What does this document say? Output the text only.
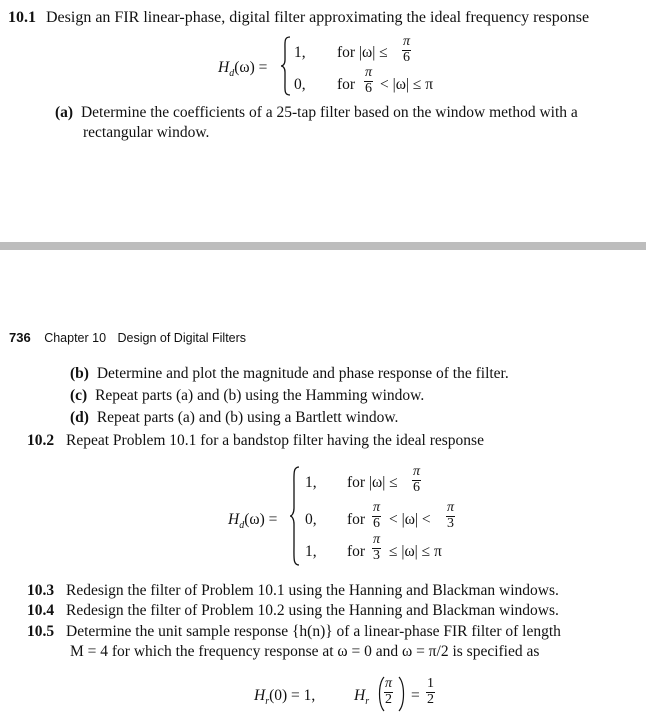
10.1 Design an FIR linear-phase, digital filter approximating the ideal frequency response
$H_d(\omega)$ =
1, for |ω| ≤
π
6
0, for
π
6 < |ω| ≤ π
(a) Determine the coefficients of a 25-tap filter based on the window method with a
rectangular window.
736 Chapter 10 Design of Digital Filters
(b) Determine and plot the magnitude and phase response of the filter.
(c) Repeat parts (a) and (b) using the Hamming window.
(d) Repeat parts (a) and (b) using a Bartlett window.
10.2 Repeat Problem 10.1 for a bandstop filter having the ideal response
$H_d(\omega)$ =
1, for |ω| ≤
π
6
0, for
π
6 < |ω| <
π
3
1, for
π
3 ≤ |ω| ≤ π
10.3 Redesign the filter of Problem 10.1 using the Hanning and Blackman windows.
10.4 Redesign the filter of Problem 10.2 using the Hanning and Blackman windows.
10.5 Determine the unit sample response {h(n)} of a linear-phase FIR filter of length
M = 4 for which the frequency response at ω = 0 and ω = π/2 is specified as
$H_r(0) = 1$, $H_r$
π
2 =
1
2
